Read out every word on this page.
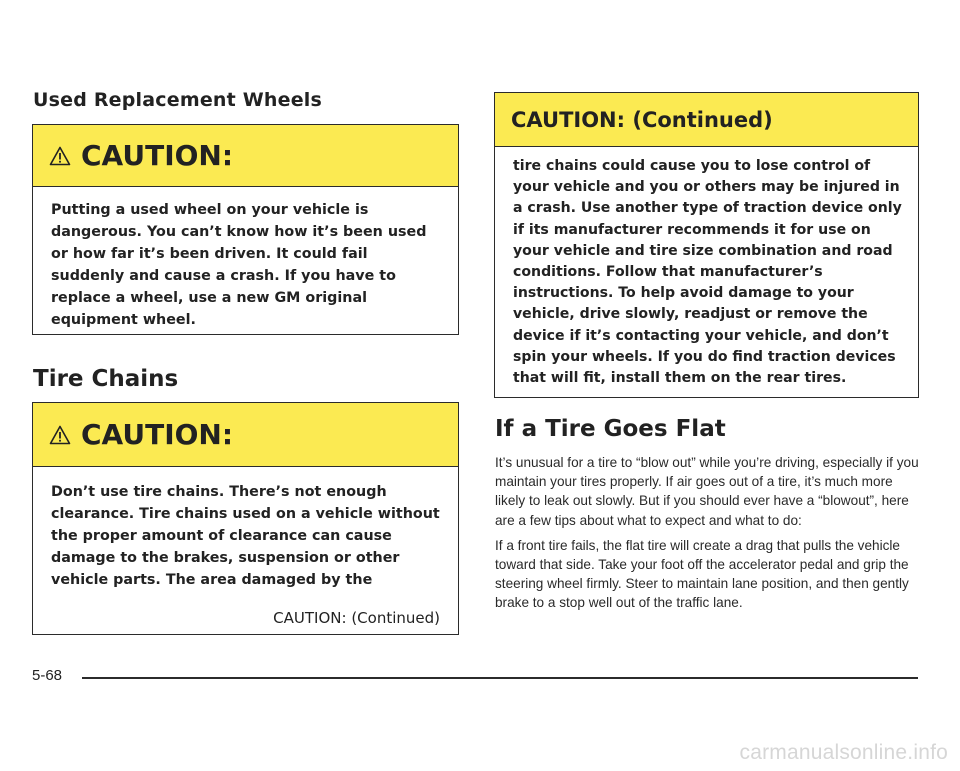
Used Replacement Wheels
CAUTION:
Putting a used wheel on your vehicle is dangerous. You can’t know how it’s been used or how far it’s been driven. It could fail suddenly and cause a crash. If you have to replace a wheel, use a new GM original equipment wheel.
Tire Chains
CAUTION:
Don’t use tire chains. There’s not enough clearance. Tire chains used on a vehicle without the proper amount of clearance can cause damage to the brakes, suspension or other vehicle parts. The area damaged by the
CAUTION: (Continued)
CAUTION: (Continued)
tire chains could cause you to lose control of your vehicle and you or others may be injured in a crash. Use another type of traction device only if its manufacturer recommends it for use on your vehicle and tire size combination and road conditions. Follow that manufacturer’s instructions. To help avoid damage to your vehicle, drive slowly, readjust or remove the device if it’s contacting your vehicle, and don’t spin your wheels. If you do find traction devices that will fit, install them on the rear tires.
If a Tire Goes Flat

It’s unusual for a tire to “blow out” while you’re driving, especially if you maintain your tires properly. If air goes out of a tire, it’s much more likely to leak out slowly. But if you should ever have a “blowout”, here are a few tips about what to expect and what to do:

If a front tire fails, the flat tire will create a drag that pulls the vehicle toward that side. Take your foot off the accelerator pedal and grip the steering wheel firmly. Steer to maintain lane position, and then gently brake to a stop well out of the traffic lane.

5-68
carmanualsonline.info
